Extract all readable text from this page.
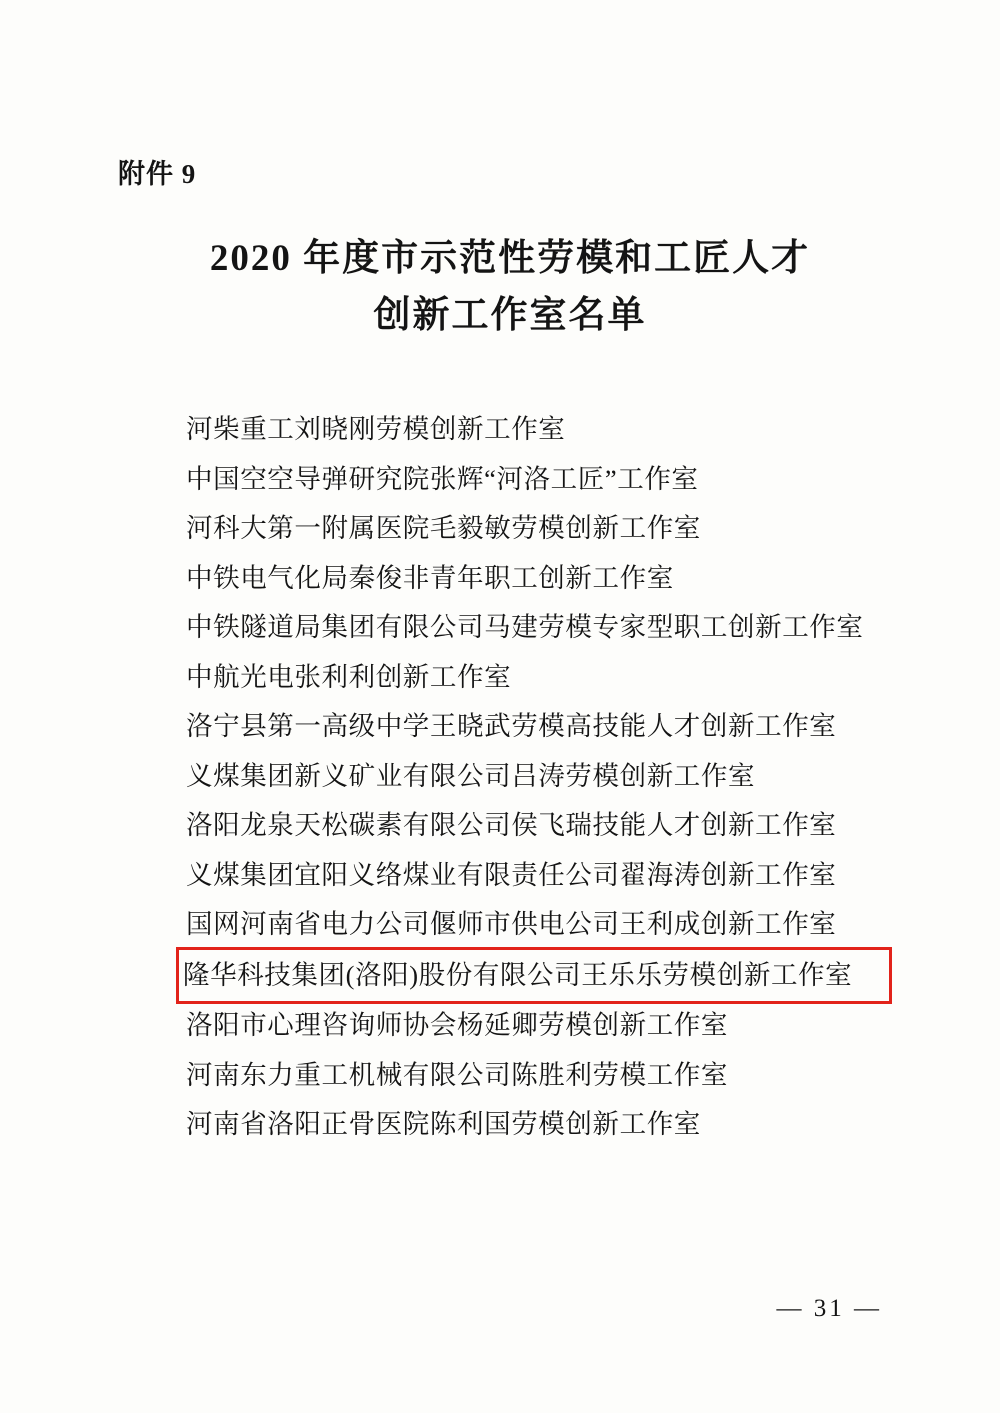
附件 9
2020 年度市示范性劳模和工匠人才
创新工作室名单
河柴重工刘晓刚劳模创新工作室
中国空空导弹研究院张辉“河洛工匠”工作室
河科大第一附属医院毛毅敏劳模创新工作室
中铁电气化局秦俊非青年职工创新工作室
中铁隧道局集团有限公司马建劳模专家型职工创新工作室
中航光电张利利创新工作室
洛宁县第一高级中学王晓武劳模高技能人才创新工作室
义煤集团新义矿业有限公司吕涛劳模创新工作室
洛阳龙泉天松碳素有限公司侯飞瑞技能人才创新工作室
义煤集团宜阳义络煤业有限责任公司翟海涛创新工作室
国网河南省电力公司偃师市供电公司王利成创新工作室
隆华科技集团(洛阳)股份有限公司王乐乐劳模创新工作室
洛阳市心理咨询师协会杨延卿劳模创新工作室
河南东力重工机械有限公司陈胜利劳模工作室
河南省洛阳正骨医院陈利国劳模创新工作室
— 31 —
